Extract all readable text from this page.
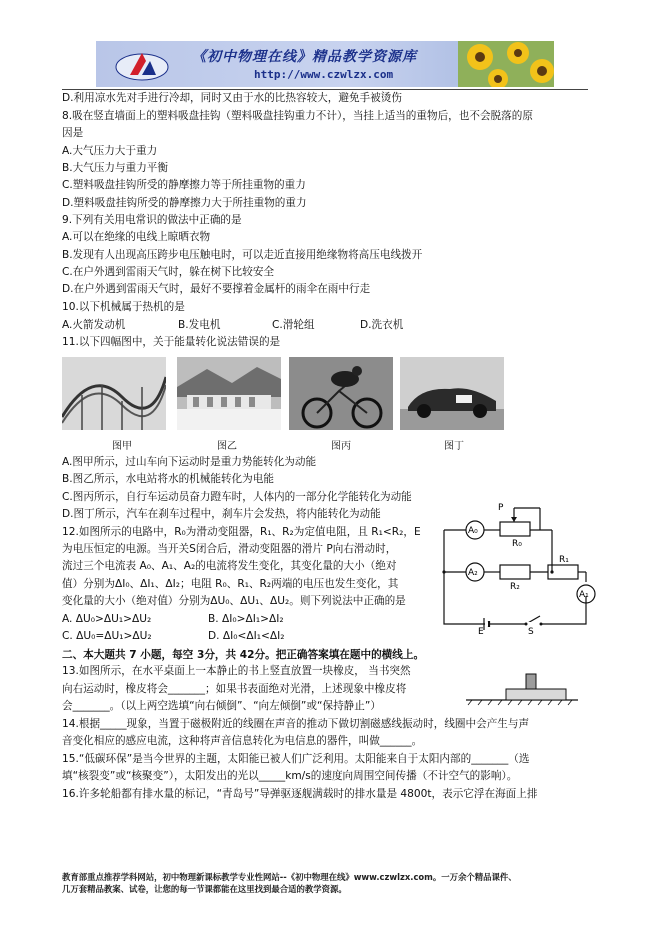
《初中物理在线》精品教学资源库
http://www.czwlzx.com
D.利用凉水先对手进行冷却，同时又由于水的比热容较大，避免手被烫伤
8.吸在竖直墙面上的塑料吸盘挂钩（塑料吸盘挂钩重力不计），当挂上适当的重物后，也不会脱落的原
因是
A.大气压力大于重力
B.大气压力与重力平衡
C.塑料吸盘挂钩所受的静摩擦力等于所挂重物的重力
D.塑料吸盘挂钩所受的静摩擦力大于所挂重物的重力
9.下列有关用电常识的做法中正确的是
A.可以在绝缘的电线上晾晒衣物
B.发现有人出现高压跨步电压触电时，可以走近直接用绝缘物将高压电线拨开
C.在户外遇到雷雨天气时，躲在树下比较安全
D.在户外遇到雷雨天气时，最好不要撑着金属杆的雨伞在雨中行走
10.以下机械属于热机的是
A.火箭发动机	B.发电机	C.滑轮组	D.洗衣机
11.以下四幅图中，关于能量转化说法错误的是
图甲	图乙	图丙	图丁
A.图甲所示，过山车向下运动时是重力势能转化为动能
B.图乙所示，水电站将水的机械能转化为电能
C.图丙所示，自行车运动员奋力蹬车时，人体内的一部分化学能转化为动能
D.图丁所示，汽车在刹车过程中，刹车片会发热，将内能转化为动能
12.如图所示的电路中，R₀为滑动变阻器，R₁、R₂为定值电阻，且 R₁<R₂，E
为电压恒定的电源。当开关S闭合后，滑动变阻器的滑片 P向右滑动时，
流过三个电流表 A₀、A₁、A₂的电流将发生变化，其变化量的大小（绝对
值）分别为ΔI₀、ΔI₁、ΔI₂；电阻 R₀、R₁、R₂两端的电压也发生变化，其
变化量的大小（绝对值）分别为ΔU₀、ΔU₁、ΔU₂。则下列说法中正确的是
A. ΔU₀>ΔU₁>ΔU₂	B. ΔI₀>ΔI₁>ΔI₂
C. ΔU₀=ΔU₁>ΔU₂	D. ΔI₀<ΔI₁<ΔI₂
A₀
A₂
A₁
P
R₀
R₂
R₁
E	S
二、本大题共 7 小题，每空 3分，共 42分。把正确答案填在题中的横线上。
13.如图所示，在水平桌面上一本静止的书上竖直放置一块橡皮， 当书突然
向右运动时，橡皮将会_______；如果书表面绝对光滑，上述现象中橡皮将
会_______。（以上两空选填“向右倾倒”、“向左倾倒”或“保持静止”）
14.根据_____现象，当置于磁极附近的线圈在声音的推动下做切割磁感线振动时，线圈中会产生与声
音变化相应的感应电流，这种将声音信息转化为电信息的器件，叫做______。
15.“低碳环保”是当今世界的主题，太阳能已被人们广泛利用。太阳能来自于太阳内部的_______（选
填“核裂变”或“核聚变”），太阳发出的光以_____km/s的速度向周围空间传播（不计空气的影响）。
16.许多轮船都有排水量的标记，“青岛号”导弹驱逐舰满载时的排水量是 4800t，表示它浮在海面上排
教育部重点推荐学科网站，初中物理新课标教学专业性网站--《初中物理在线》www.czwlzx.com。一万余个精品课件、
几万套精品教案、试卷，让您的每一节课都能在这里找到最合适的教学资源。
